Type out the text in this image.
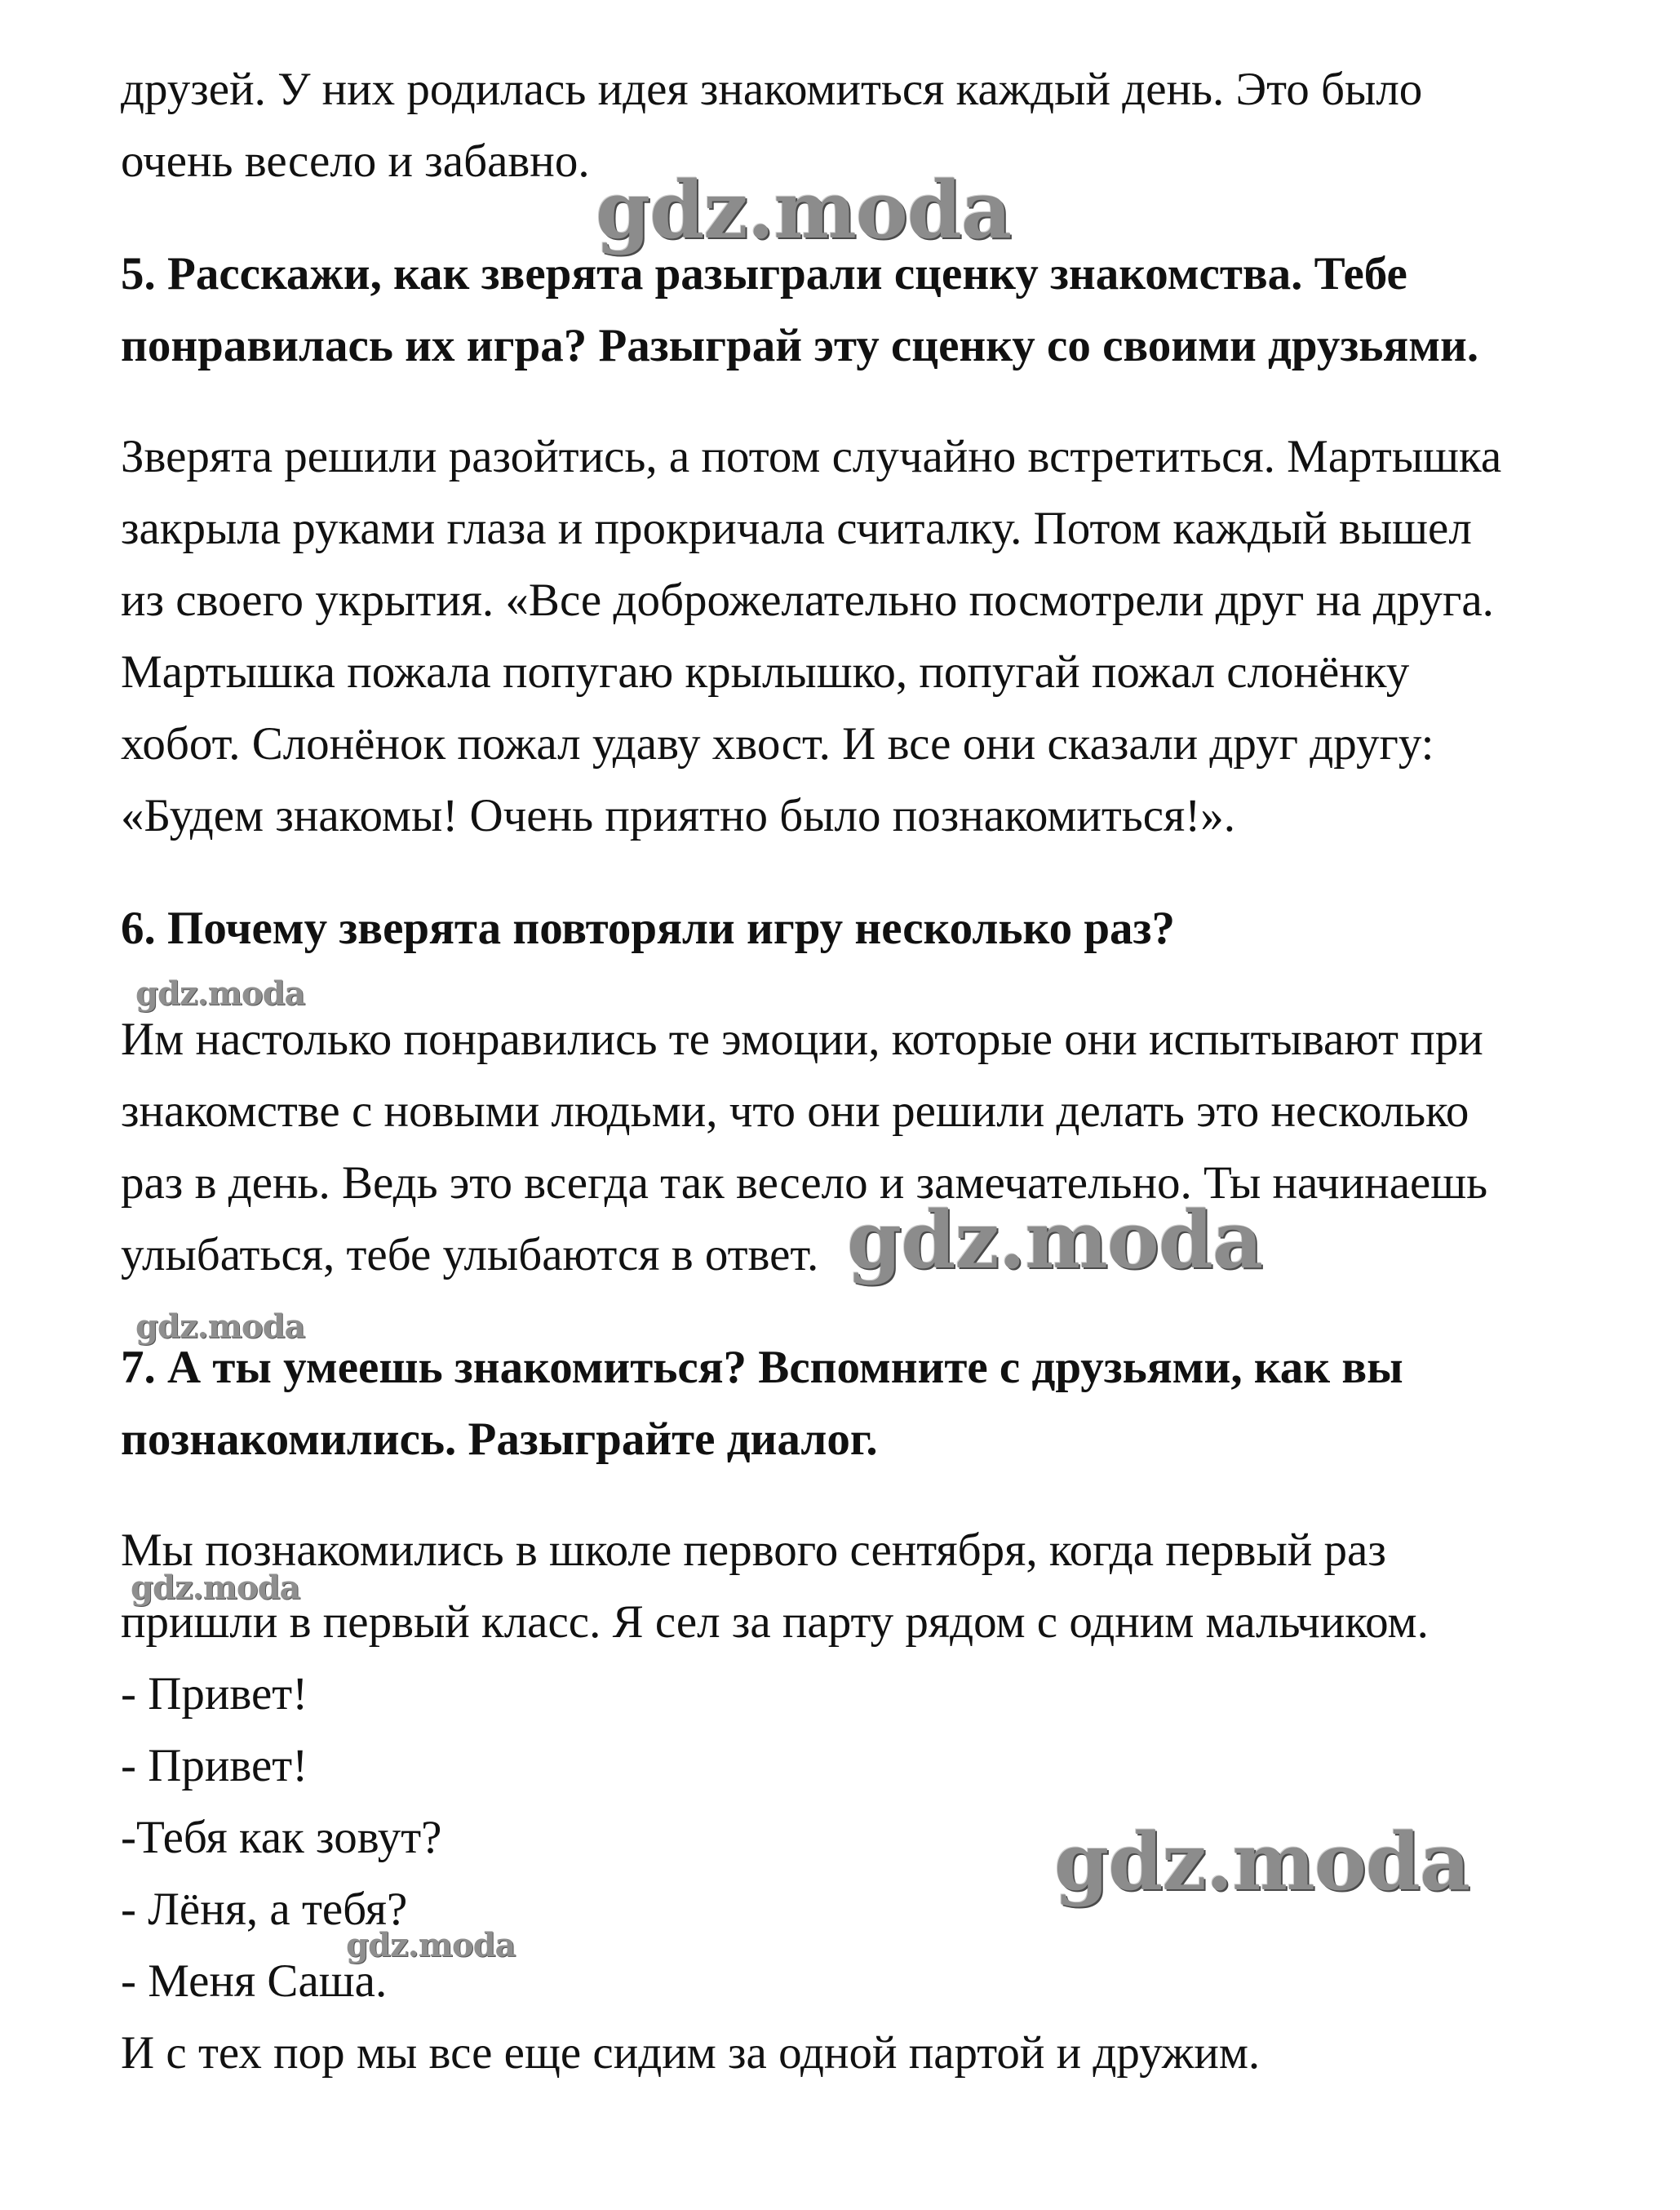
друзей. У них родилась идея знакомиться каждый день. Это было
очень весело и забавно.
5. Расскажи, как зверята разыграли сценку знакомства. Тебе
понравилась их игра? Разыграй эту сценку со своими друзьями.
Зверята решили разойтись, а потом случайно встретиться. Мартышка
закрыла руками глаза и прокричала считалку. Потом каждый вышел
из своего укрытия. «Все доброжелательно посмотрели друг на друга.
Мартышка пожала попугаю крылышко, попугай пожал слонёнку
хобот. Слонёнок пожал удаву хвост. И все они сказали друг другу:
«Будем знакомы! Очень приятно было познакомиться!».
6. Почему зверята повторяли игру несколько раз?
Им настолько понравились те эмоции, которые они испытывают при
знакомстве с новыми людьми, что они решили делать это несколько
раз в день. Ведь это всегда так весело и замечательно. Ты начинаешь
улыбаться, тебе улыбаются в ответ.
7. А ты умеешь знакомиться? Вспомните с друзьями, как вы
познакомились. Разыграйте диалог.
Мы познакомились в школе первого сентября, когда первый раз
пришли в первый класс. Я сел за парту рядом с одним мальчиком.
- Привет!
- Привет!
-Тебя как зовут?
- Лёня, а тебя?
- Меня Саша.
И с тех пор мы все еще сидим за одной партой и дружим.
gdz.moda
gdz.moda
gdz.moda
gdz.moda
gdz.moda
gdz.moda
gdz.moda
